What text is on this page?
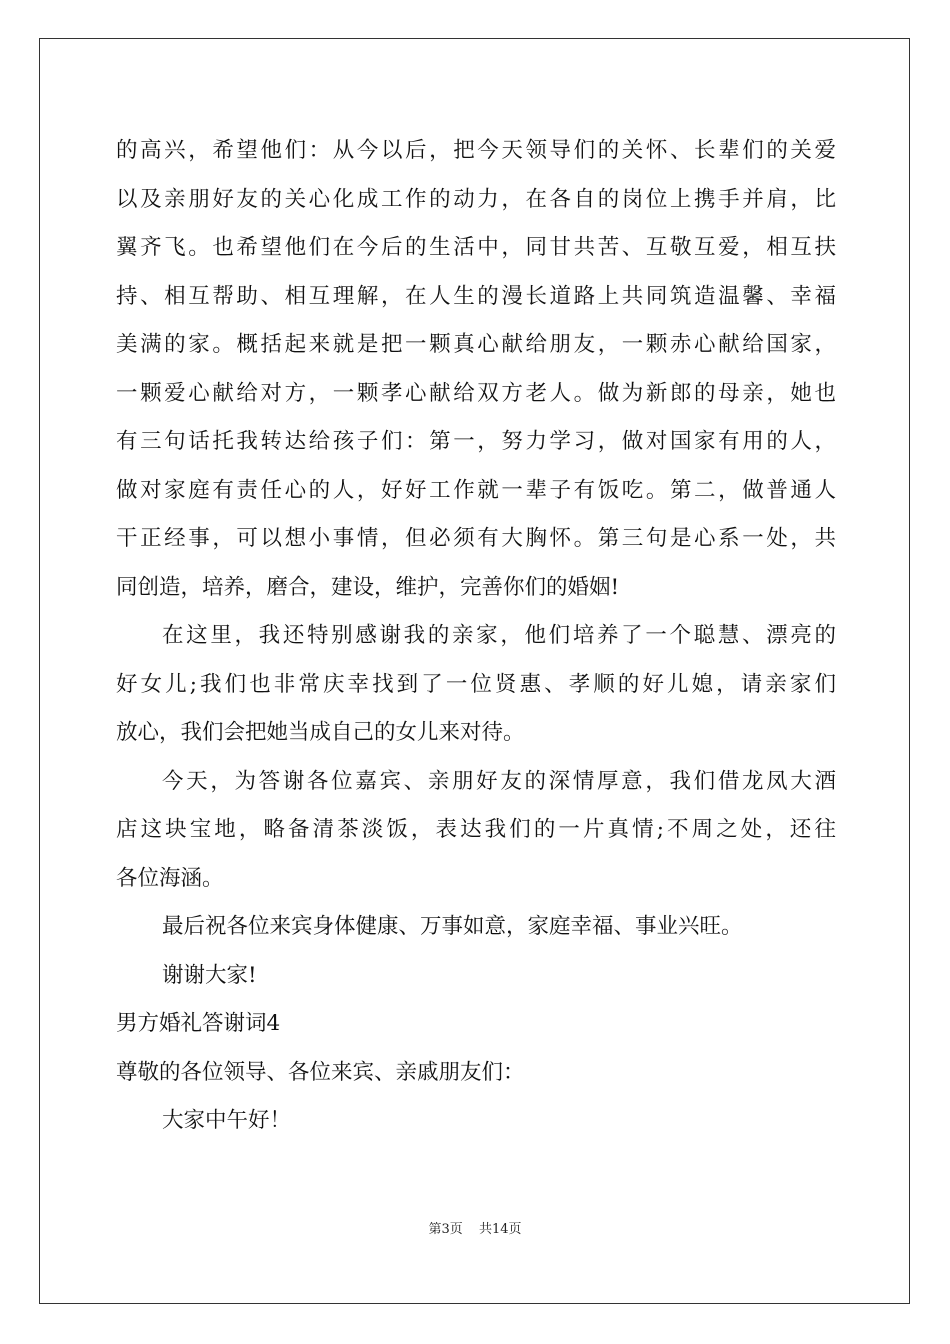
的高兴，希望他们：从今以后，把今天领导们的关怀、长辈们的关爱
以及亲朋好友的关心化成工作的动力，在各自的岗位上携手并肩，比
翼齐飞。也希望他们在今后的生活中，同甘共苦、互敬互爱，相互扶
持、相互帮助、相互理解，在人生的漫长道路上共同筑造温馨、幸福
美满的家。概括起来就是把一颗真心献给朋友，一颗赤心献给国家，
一颗爱心献给对方，一颗孝心献给双方老人。做为新郎的母亲，她也
有三句话托我转达给孩子们：第一，努力学习，做对国家有用的人，
做对家庭有责任心的人，好好工作就一辈子有饭吃。第二，做普通人
干正经事，可以想小事情，但必须有大胸怀。第三句是心系一处，共
同创造，培养，磨合，建设，维护，完善你们的婚姻!
在这里，我还特别感谢我的亲家，他们培养了一个聪慧、漂亮的
好女儿;我们也非常庆幸找到了一位贤惠、孝顺的好儿媳，请亲家们
放心，我们会把她当成自己的女儿来对待。
今天，为答谢各位嘉宾、亲朋好友的深情厚意，我们借龙凤大酒
店这块宝地，略备清茶淡饭，表达我们的一片真情;不周之处，还往
各位海涵。
最后祝各位来宾身体健康、万事如意，家庭幸福、事业兴旺。
谢谢大家!
男方婚礼答谢词4
尊敬的各位领导、各位来宾、亲戚朋友们：
大家中午好！
第3页 共14页
